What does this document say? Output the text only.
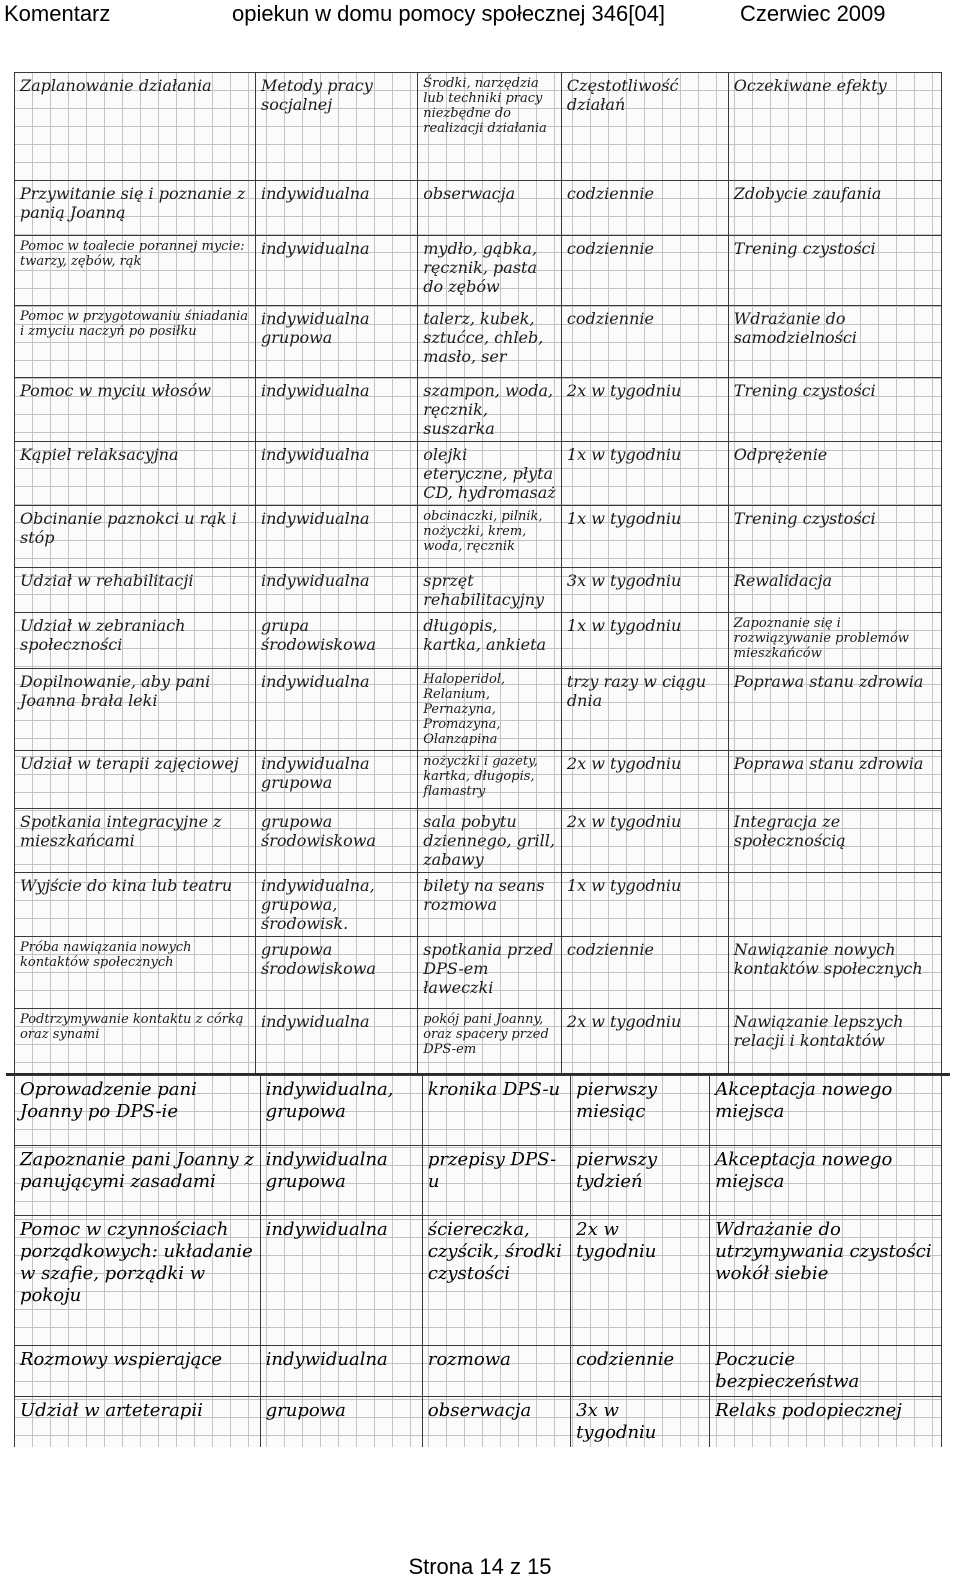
Komentarz	opiekun w domu pomocy społecznej 346[04]	Czerwiec 2009
Zaplanowanie działania	Metody pracy socjalnej	Środki, narzędzia lub techniki pracy niezbędne do realizacji działania	Częstotliwość działań	Oczekiwane efekty
Przywitanie się i poznanie z panią Joanną	indywidualna	obserwacja	codziennie	Zdobycie zaufania
Pomoc w toalecie porannej mycie: twarzy, zębów, rąk	indywidualna	mydło, gąbka, ręcznik, pasta do zębów	codziennie	Trening czystości
Pomoc w przygotowaniu śniadania i zmyciu naczyń po posiłku	indywidualna grupowa	talerz, kubek, sztućce, chleb, masło, ser	codziennie	Wdrażanie do samodzielności
Pomoc w myciu włosów	indywidualna	szampon, woda, ręcznik, suszarka	2x w tygodniu	Trening czystości
Kąpiel relaksacyjna	indywidualna	olejki eteryczne, płyta CD, hydromasaż	1x w tygodniu	Odprężenie
Obcinanie paznokci u rąk i stóp	indywidualna	obcinaczki, pilnik, nożyczki, krem, woda, ręcznik	1x w tygodniu	Trening czystości
Udział w rehabilitacji	indywidualna	sprzęt rehabilitacyjny	3x w tygodniu	Rewalidacja
Udział w zebraniach społeczności	grupa środowiskowa	długopis, kartka, ankieta	1x w tygodniu	Zapoznanie się i rozwiązywanie problemów mieszkańców
Dopilnowanie, aby pani Joanna brała leki	indywidualna	Haloperidol, Relanium, Pernazyna, Promazyna, Olanzapina	trzy razy w ciągu dnia	Poprawa stanu zdrowia
Udział w terapii zajęciowej	indywidualna grupowa	nożyczki i gazety, kartka, długopis, flamastry	2x w tygodniu	Poprawa stanu zdrowia
Spotkania integracyjne z mieszkańcami	grupowa środowiskowa	sala pobytu dziennego, grill, zabawy	2x w tygodniu	Integracja ze społecznością
Wyjście do kina lub teatru	indywidualna, grupowa, środowisk.	bilety na seans rozmowa	1x w tygodniu	
Próba nawiązania nowych kontaktów społecznych	grupowa środowiskowa	spotkania przed DPS-em ławeczki	codziennie	Nawiązanie nowych kontaktów społecznych
Podtrzymywanie kontaktu z córką oraz synami	indywidualna	pokój pani Joanny, oraz spacery przed DPS-em	2x w tygodniu	Nawiązanie lepszych relacji i kontaktów

Oprowadzenie pani Joanny po DPS-ie	indywidualna, grupowa	kronika DPS-u	pierwszy miesiąc	Akceptacja nowego miejsca
Zapoznanie pani Joanny z panującymi zasadami	indywidualna grupowa	przepisy DPS-u	pierwszy tydzień	Akceptacja nowego miejsca
Pomoc w czynnościach porządkowych: układanie w szafie, porządki w pokoju	indywidualna	ściereczka, czyścik, środki czystości	2x w tygodniu	Wdrażanie do utrzymywania czystości wokół siebie
Rozmowy wspierające	indywidualna	rozmowa	codziennie	Poczucie bezpieczeństwa
Udział w arteterapii	grupowa	obserwacja	3x w tygodniu	Relaks podopiecznej
Strona 14 z 15
